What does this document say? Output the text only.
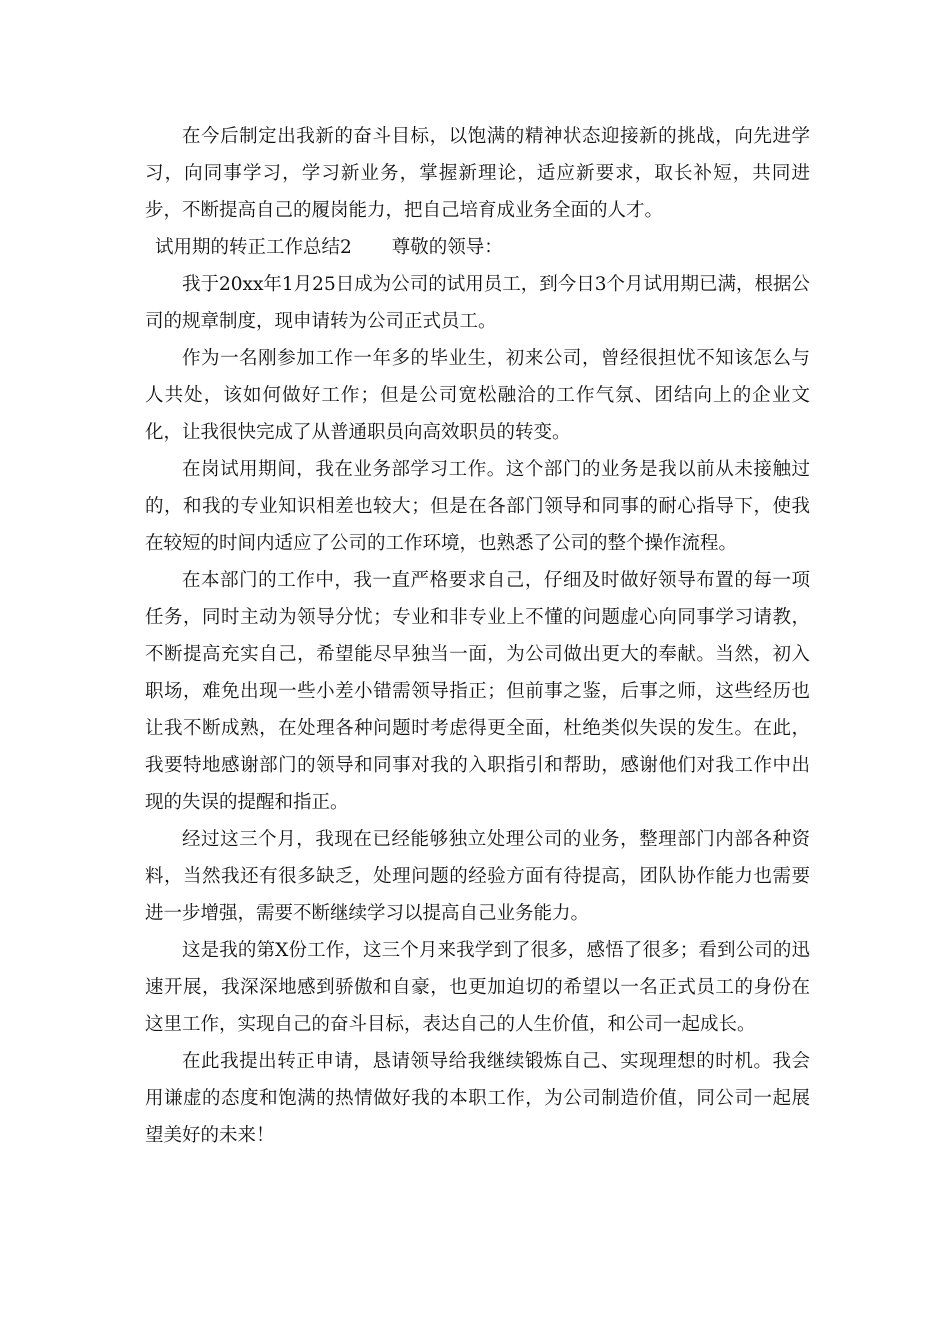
在今后制定出我新的奋斗目标，以饱满的精神状态迎接新的挑战，向先进学习，向同事学习，学习新业务，掌握新理论，适应新要求，取长补短，共同进步，不断提高自己的履岗能力，把自己培育成业务全面的人才。

试用期的转正工作总结2 尊敬的领导：

我于20xx年1月25日成为公司的试用员工，到今日3个月试用期已满，根据公司的规章制度，现申请转为公司正式员工。

作为一名刚参加工作一年多的毕业生，初来公司，曾经很担忧不知该怎么与人共处，该如何做好工作；但是公司宽松融洽的工作气氛、团结向上的企业文化，让我很快完成了从普通职员向高效职员的转变。

在岗试用期间，我在业务部学习工作。这个部门的业务是我以前从未接触过的，和我的专业知识相差也较大；但是在各部门领导和同事的耐心指导下，使我在较短的时间内适应了公司的工作环境，也熟悉了公司的整个操作流程。

在本部门的工作中，我一直严格要求自己，仔细及时做好领导布置的每一项任务，同时主动为领导分忧；专业和非专业上不懂的问题虚心向同事学习请教，不断提高充实自己，希望能尽早独当一面，为公司做出更大的奉献。当然，初入职场，难免出现一些小差小错需领导指正；但前事之鉴，后事之师，这些经历也让我不断成熟，在处理各种问题时考虑得更全面，杜绝类似失误的发生。在此，我要特地感谢部门的领导和同事对我的入职指引和帮助，感谢他们对我工作中出现的失误的提醒和指正。

经过这三个月，我现在已经能够独立处理公司的业务，整理部门内部各种资料，当然我还有很多缺乏，处理问题的经验方面有待提高，团队协作能力也需要进一步增强，需要不断继续学习以提高自己业务能力。

这是我的第X份工作，这三个月来我学到了很多，感悟了很多；看到公司的迅速开展，我深深地感到骄傲和自豪，也更加迫切的希望以一名正式员工的身份在这里工作，实现自己的奋斗目标，表达自己的人生价值，和公司一起成长。

在此我提出转正申请，恳请领导给我继续锻炼自己、实现理想的时机。我会用谦虚的态度和饱满的热情做好我的本职工作，为公司制造价值，同公司一起展望美好的未来！
